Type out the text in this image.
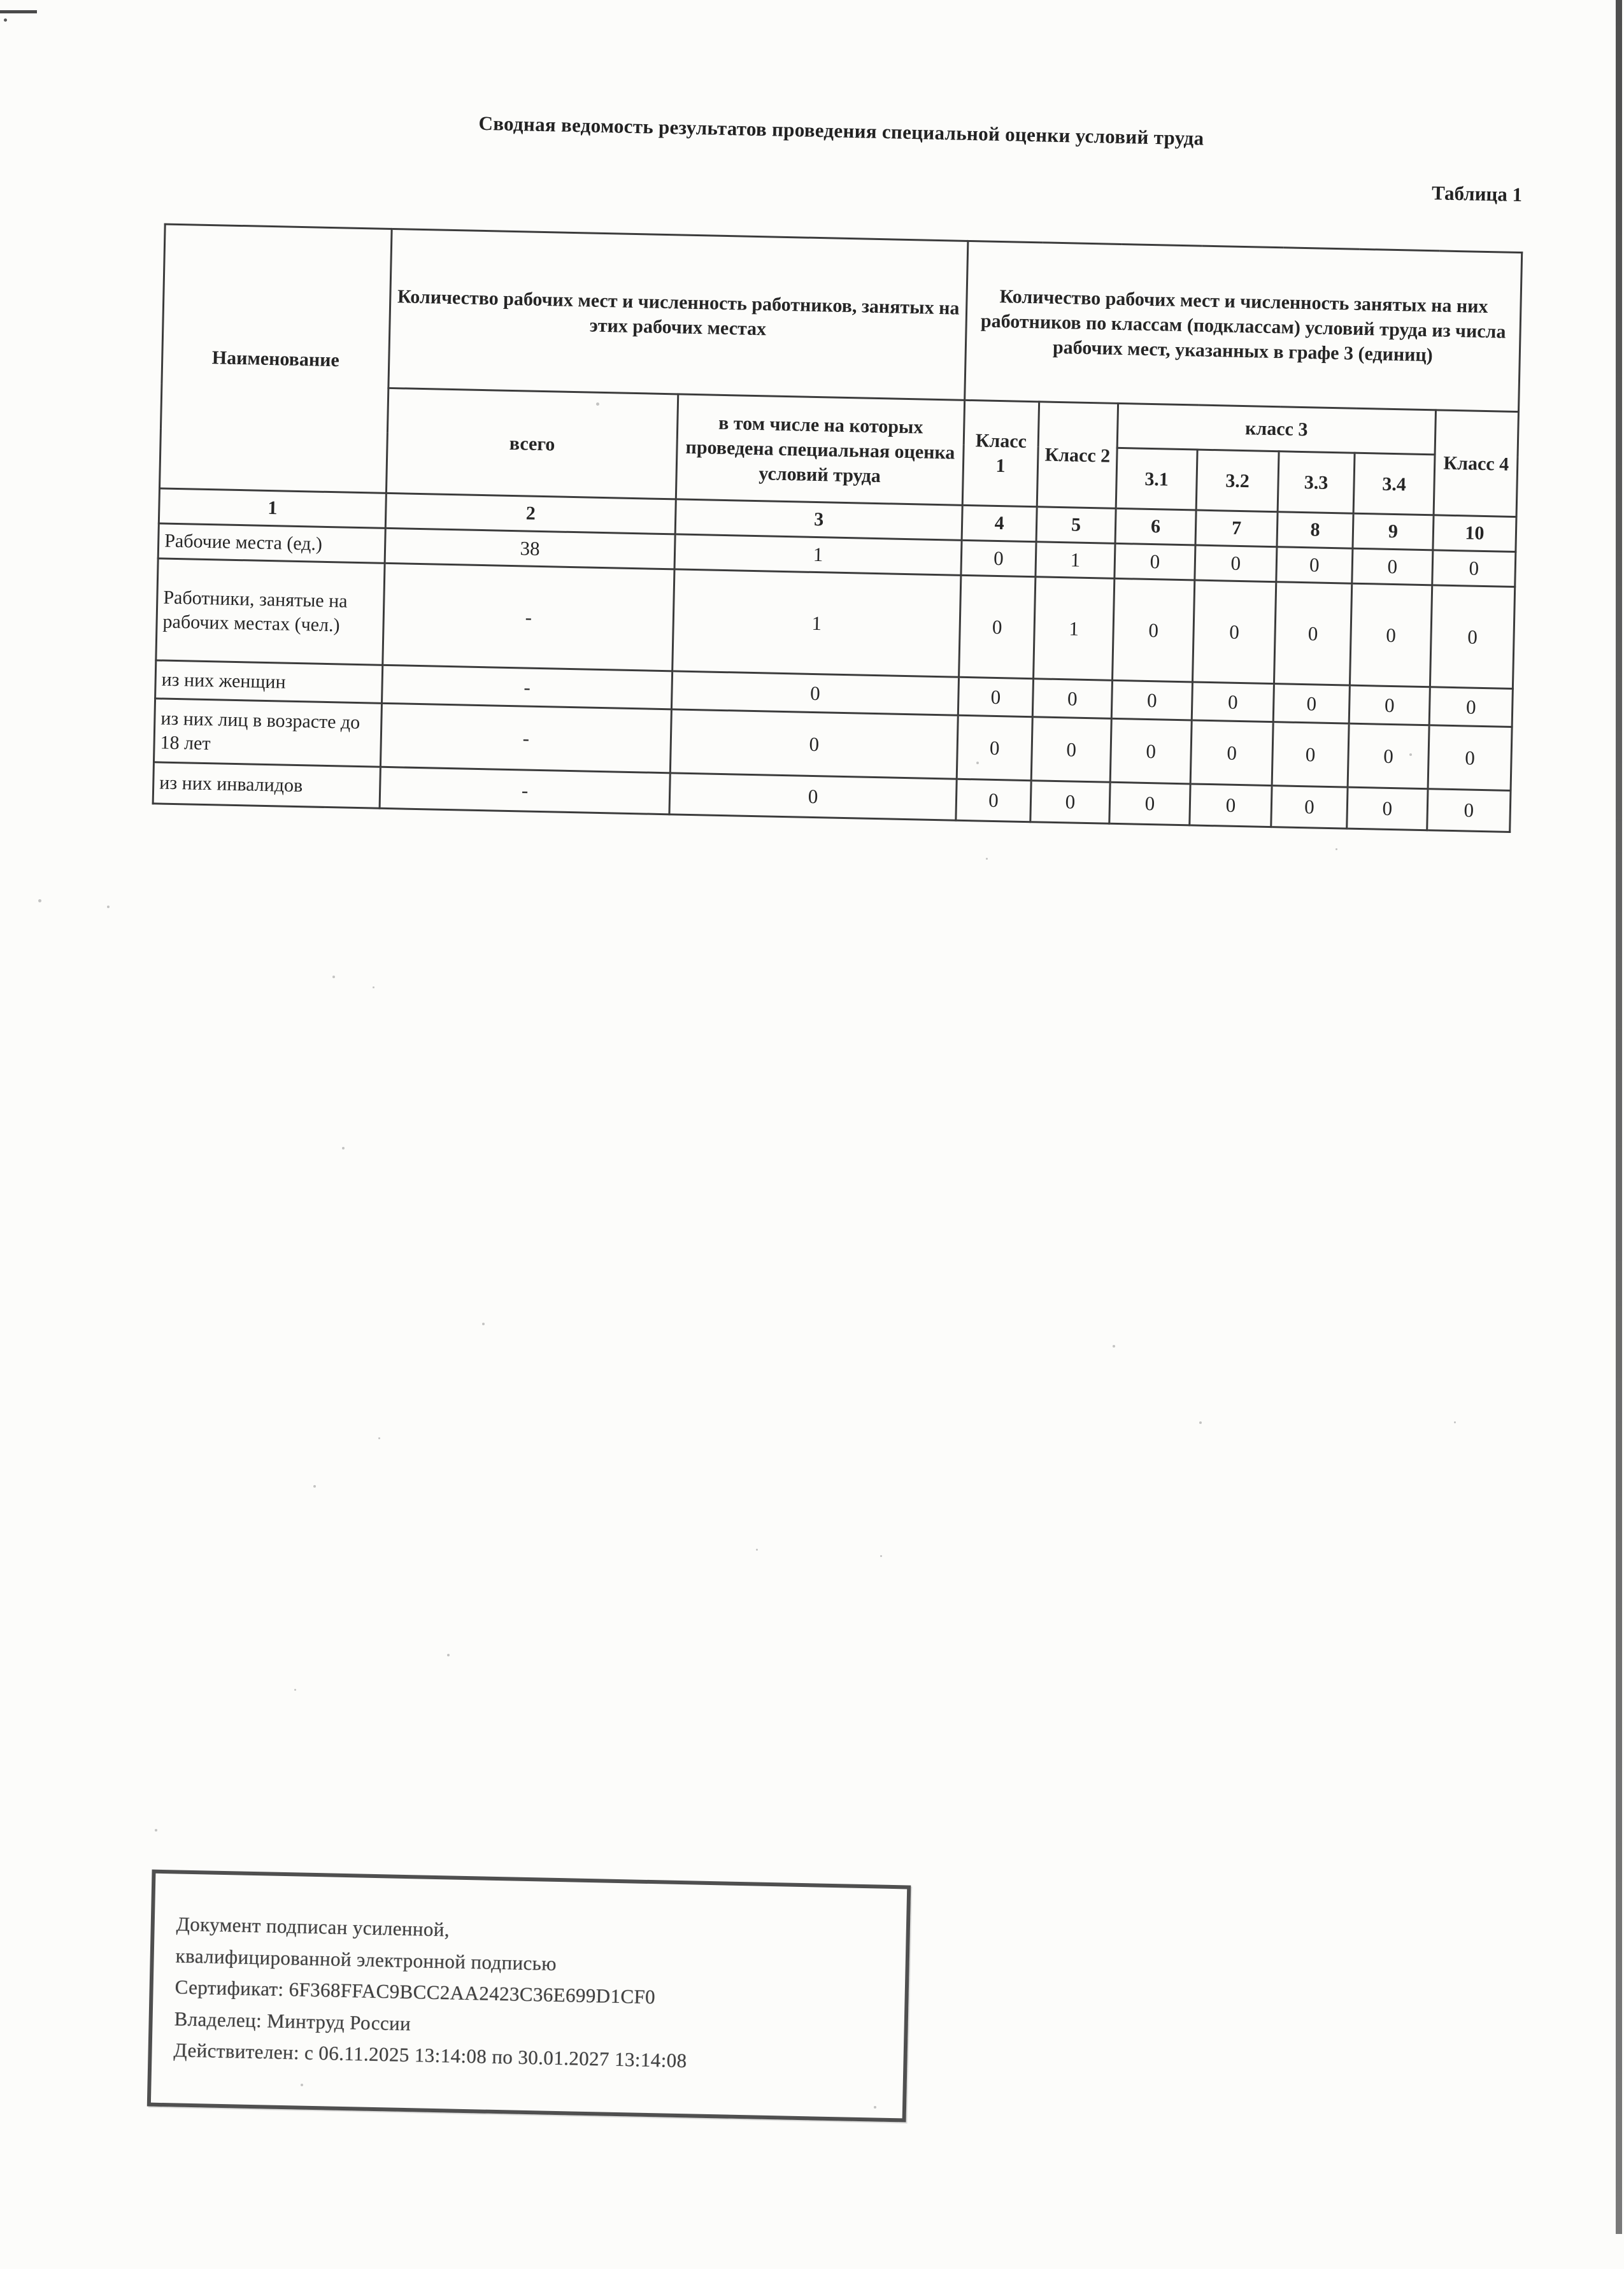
Сводная ведомость результатов проведения специальной оценки условий труда
Таблица 1
Наименование	Количество рабочих мест и численность работников, занятых на этих рабочих местах		Количество рабочих мест и численность занятых на них работников по классам (подклассам) условий труда из числа рабочих мест, указанных в графе 3 (единиц)						
	всего	в том числе на которых проведена специальная оценка условий труда	Класс 1	Класс 2	класс 3				Класс 4
					3.1	3.2	3.3	3.4	
1	2	3	4	5	6	7	8	9	10
Рабочие места (ед.)	38	1	0	1	0	0	0	0	0
Работники, занятые на рабочих местах (чел.)	-	1	0	1	0	0	0	0	0
из них женщин	-	0	0	0	0	0	0	0	0
из них лиц в возрасте до 18 лет	-	0	0	0	0	0	0	0	0
из них инвалидов	-	0	0	0	0	0	0	0	0
Документ подписан усиленной,
квалифицированной электронной подписью
Сертификат: 6F368FFAC9BCC2AA2423C36E699D1CF0
Владелец: Минтруд России
Действителен: с 06.11.2025 13:14:08 по 30.01.2027 13:14:08
